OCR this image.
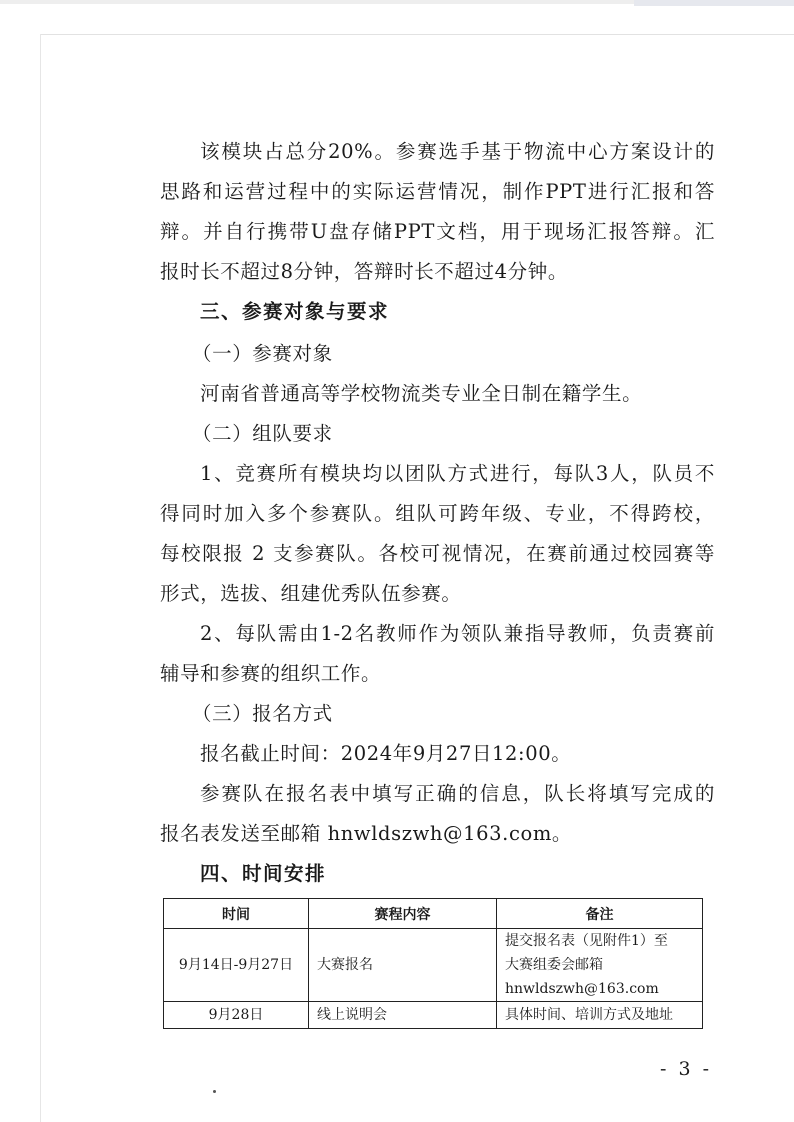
该模块占总分20%。参赛选手基于物流中心方案设计的

思路和运营过程中的实际运营情况，制作PPT进行汇报和答

辩。并自行携带U盘存储PPT文档，用于现场汇报答辩。汇

报时长不超过8分钟，答辩时长不超过4分钟。

三、参赛对象与要求

（一）参赛对象

河南省普通高等学校物流类专业全日制在籍学生。

（二）组队要求

1、竞赛所有模块均以团队方式进行，每队3人，队员不

得同时加入多个参赛队。组队可跨年级、专业，不得跨校，

每校限报 2 支参赛队。各校可视情况，在赛前通过校园赛等

形式，选拔、组建优秀队伍参赛。

2、每队需由1-2名教师作为领队兼指导教师，负责赛前

辅导和参赛的组织工作。

（三）报名方式

报名截止时间：2024年9月27日12:00。

参赛队在报名表中填写正确的信息，队长将填写完成的

报名表发送至邮箱 hnwldszwh@163.com。

四、时间安排

时间	赛程内容	备注
9月14日-9月27日	大赛报名	提交报名表（见附件1）至
大赛组委会邮箱
hnwldszwh@163.com

9月28日	线上说明会	具体时间、培训方式及地址
- 3 -
